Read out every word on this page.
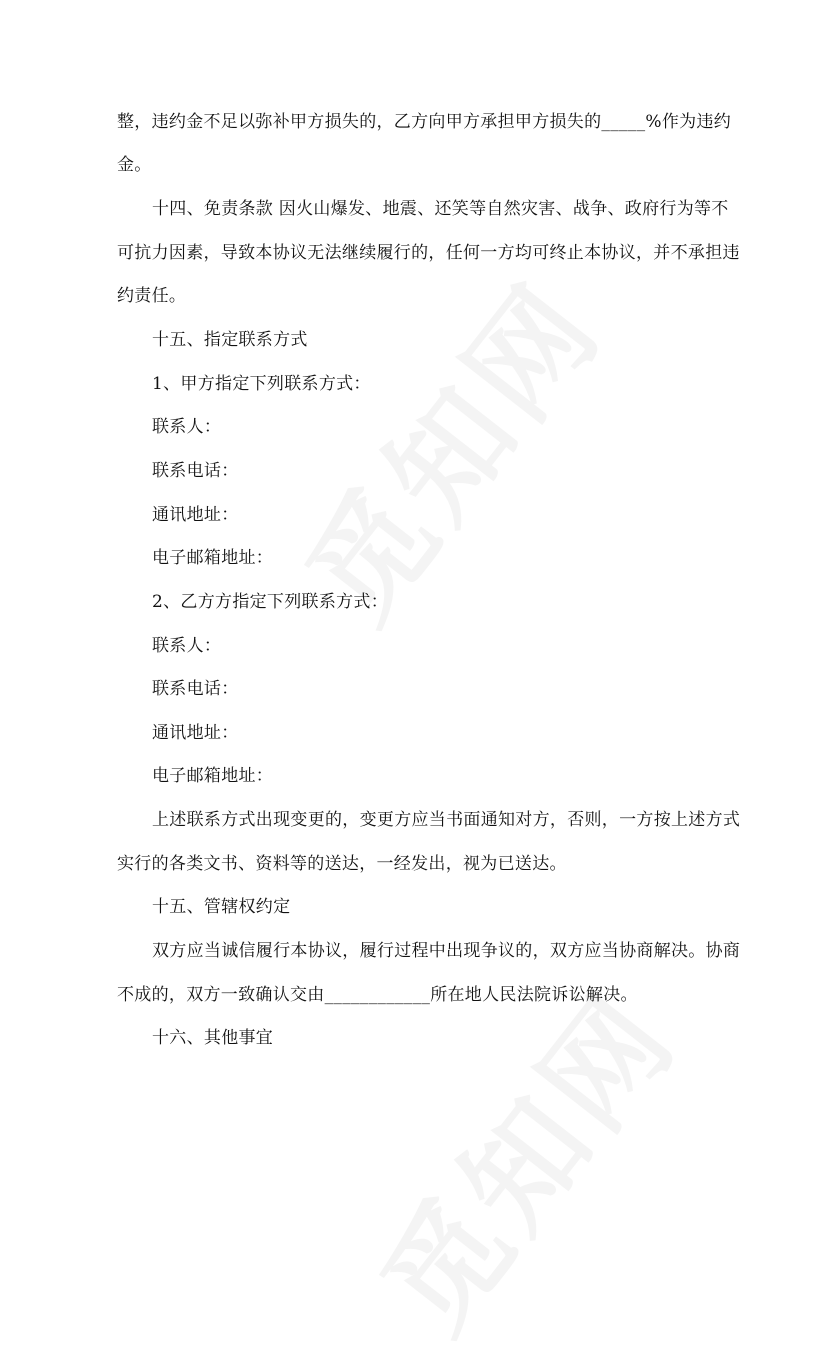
整，违约金不足以弥补甲方损失的，乙方向甲方承担甲方损失的_____%作为违约
金。
十四、免责条款 因火山爆发、地震、还笑等自然灾害、战争、政府行为等不
可抗力因素，导致本协议无法继续履行的，任何一方均可终止本协议，并不承担违
约责任。
十五、指定联系方式
1、甲方指定下列联系方式：
联系人：
联系电话：
通讯地址：
电子邮箱地址：
2、乙方方指定下列联系方式：
联系人：
联系电话：
通讯地址：
电子邮箱地址：
上述联系方式出现变更的，变更方应当书面通知对方，否则，一方按上述方式
实行的各类文书、资料等的送达，一经发出，视为已送达。
十五、管辖权约定
双方应当诚信履行本协议，履行过程中出现争议的，双方应当协商解决。协商
不成的，双方一致确认交由____________所在地人民法院诉讼解决。
十六、其他事宜
